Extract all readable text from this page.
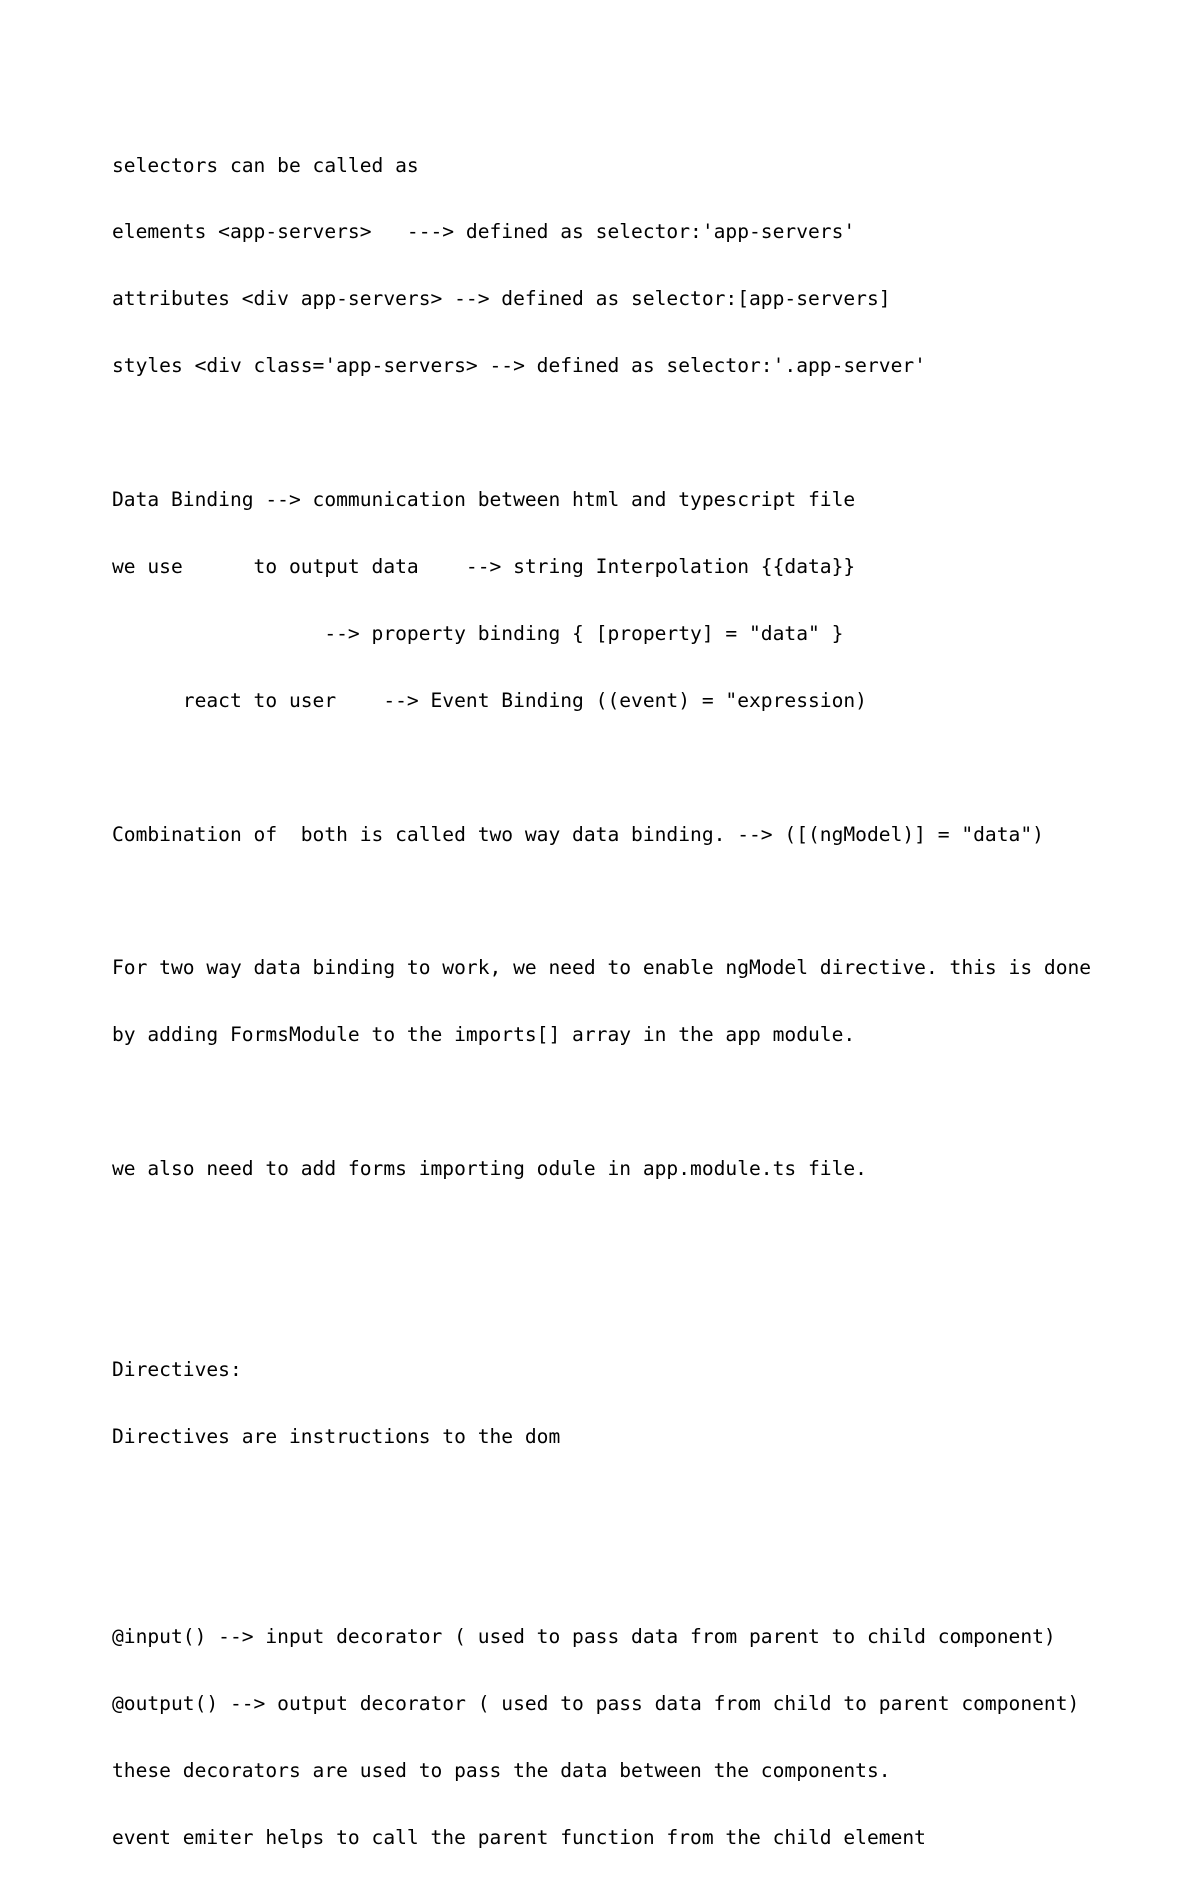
selectors can be called as

elements <app-servers>   ---> defined as selector:'app-servers'

attributes <div app-servers> --> defined as selector:[app-servers]

styles <div class='app-servers> --> defined as selector:'.app-server'

Data Binding --> communication between html and typescript file

we use      to output data    --> string Interpolation {{data}}

--> property binding { [property] = "data" }

react to user    --> Event Binding ((event) = "expression)

Combination of  both is called two way data binding. --> ([(ngModel)] = "data")

For two way data binding to work, we need to enable ngModel directive. this is done

by adding FormsModule to the imports[] array in the app module.

we also need to add forms importing odule in app.module.ts file.

Directives:

Directives are instructions to the dom

@input() --> input decorator ( used to pass data from parent to child component)

@output() --> output decorator ( used to pass data from child to parent component)

these decorators are used to pass the data between the components.

event emiter helps to call the parent function from the child element
